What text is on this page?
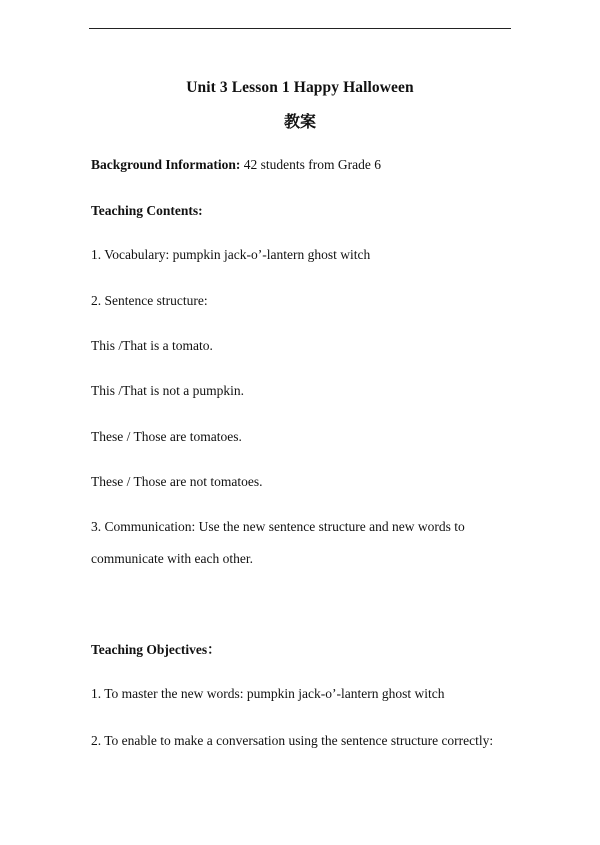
Unit 3 Lesson 1 Happy Halloween
教案
Background Information: 42 students from Grade 6
Teaching Contents:
1. Vocabulary: pumpkin jack-o’-lantern ghost witch
2. Sentence structure:
This /That is a tomato.
This /That is not a pumpkin.
These / Those are tomatoes.
These / Those are not tomatoes.
3. Communication: Use the new sentence structure and new words to
communicate with each other.
Teaching Objectives：
1. To master the new words: pumpkin jack-o’-lantern ghost witch
2. To enable to make a conversation using the sentence structure correctly:
